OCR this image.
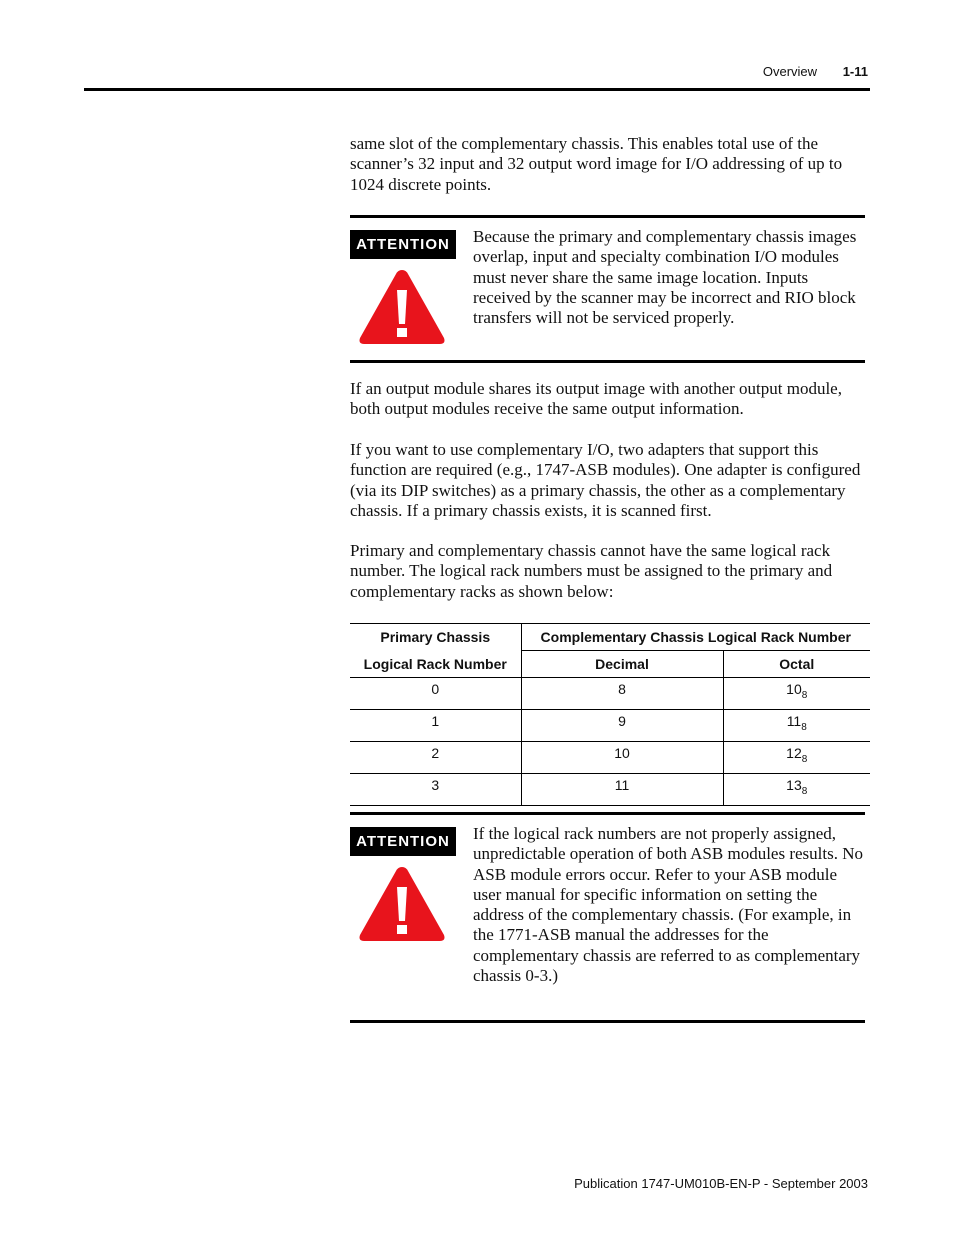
Overview 1-11
same slot of the complementary chassis. This enables total use of the scanner’s 32 input and 32 output word image for I/O addressing of up to 1024 discrete points.
ATTENTION	Because the primary and complementary chassis images overlap, input and specialty combination I/O modules must never share the same image location. Inputs received by the scanner may be incorrect and RIO block transfers will not be serviced properly.
If an output module shares its output image with another output module, both output modules receive the same output information.
If you want to use complementary I/O, two adapters that support this function are required (e.g., 1747-ASB modules). One adapter is configured (via its DIP switches) as a primary chassis, the other as a complementary chassis. If a primary chassis exists, it is scanned first.
Primary and complementary chassis cannot have the same logical rack number. The logical rack numbers must be assigned to the primary and complementary racks as shown below:
Primary Chassis	Complementary Chassis Logical Rack Number	
Logical Rack Number	Decimal	Octal
0	8	$10_8$
1	9	$11_8$
2	10	$12_8$
3	11	$13_8$
ATTENTION	If the logical rack numbers are not properly assigned, unpredictable operation of both ASB modules results. No ASB module errors occur. Refer to your ASB module user manual for specific information on setting the address of the complementary chassis. (For example, in the 1771-ASB manual the addresses for the complementary chassis are referred to as complementary chassis 0-3.)
Publication 1747-UM010B-EN-P - September 2003
